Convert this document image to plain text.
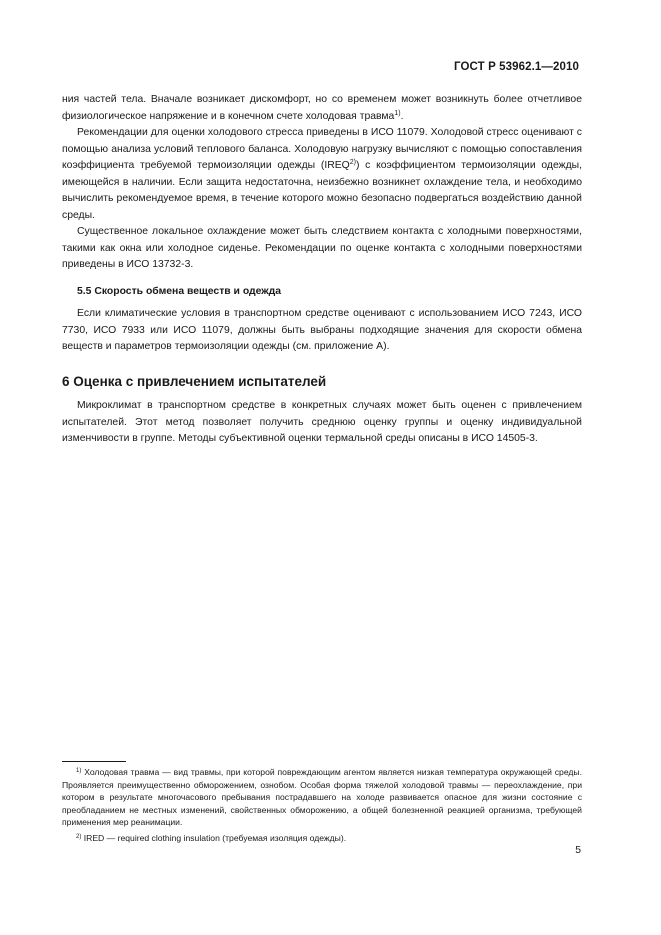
ГОСТ Р 53962.1—2010

ния частей тела. Вначале возникает дискомфорт, но со временем может возникнуть более отчетливое физиологическое напряжение и в конечном счете холодовая травма$^{1)}$.

Рекомендации для оценки холодового стресса приведены в ИСО 11079. Холодовой стресс оценивают с помощью анализа условий теплового баланса. Холодовую нагрузку вычисляют с помощью сопоставления коэффициента требуемой термоизоляции одежды (IREQ$^{2)}$) с коэффициентом термоизоляции одежды, имеющейся в наличии. Если защита недостаточна, неизбежно возникнет охлаждение тела, и необходимо вычислить рекомендуемое время, в течение которого можно безопасно подвергаться воздействию данной среды.

Существенное локальное охлаждение может быть следствием контакта с холодными поверхностями, такими как окна или холодное сиденье. Рекомендации по оценке контакта с холодными поверхностями приведены в ИСО 13732-3.

5.5 Скорость обмена веществ и одежда

Если климатические условия в транспортном средстве оценивают с использованием ИСО 7243, ИСО 7730, ИСО 7933 или ИСО 11079, должны быть выбраны подходящие значения для скорости обмена веществ и параметров термоизоляции одежды (см. приложение А).

6 Оценка с привлечением испытателей

Микроклимат в транспортном средстве в конкретных случаях может быть оценен с привлечением испытателей. Этот метод позволяет получить среднюю оценку группы и оценку индивидуальной изменчивости в группе. Методы субъективной оценки термальной среды описаны в ИСО 14505-3.

$^{1)}$ Холодовая травма — вид травмы, при которой повреждающим агентом является низкая температура окружающей среды. Проявляется преимущественно обморожением, ознобом. Особая форма тяжелой холодовой травмы — переохлаждение, при котором в результате многочасового пребывания пострадавшего на холоде развивается опасное для жизни состояние с преобладанием не местных изменений, свойственных обморожению, а общей болезненной реакцией организма, требующей применения мер реанимации.

$^{2)}$ IRED — required clothing insulation (требуемая изоляция одежды).

5
